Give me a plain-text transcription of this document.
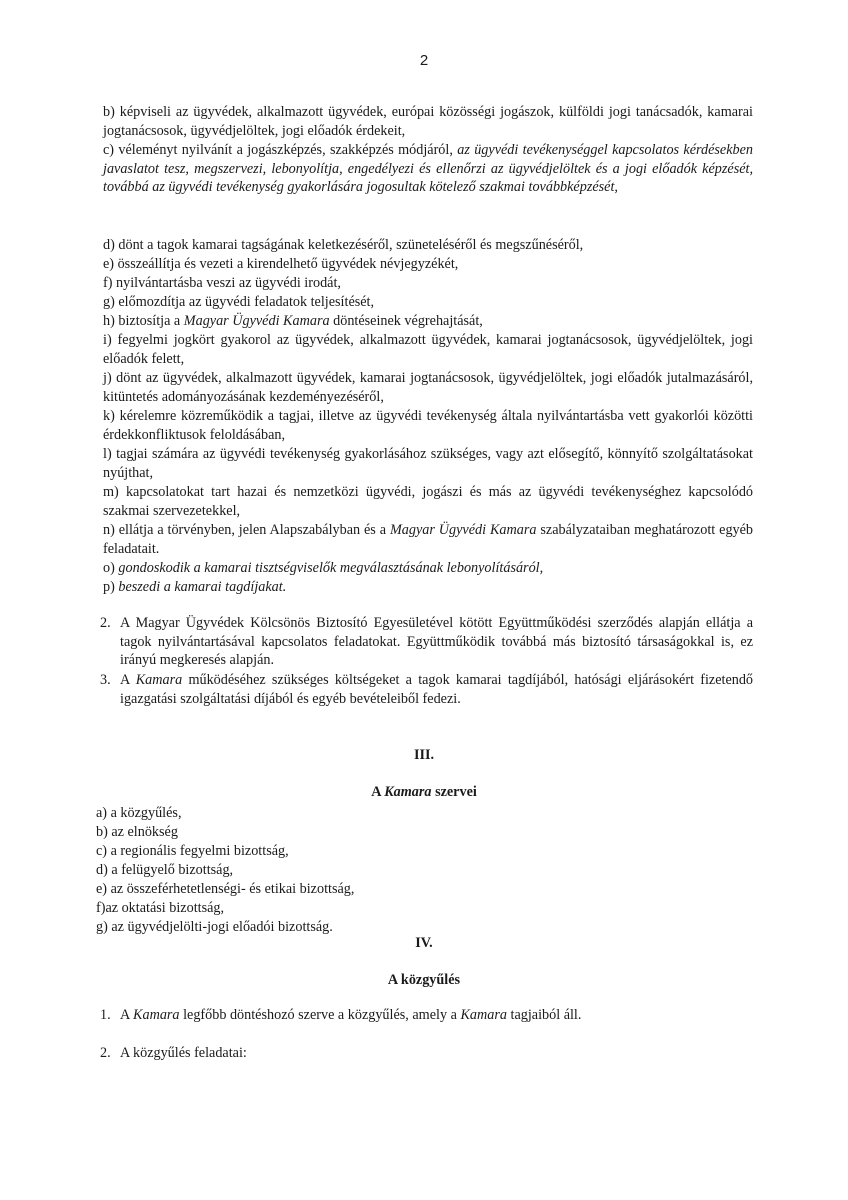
2
b) képviseli az ügyvédek, alkalmazott ügyvédek, európai közösségi jogászok, külföldi jogi tanácsadók, kamarai jogtanácsosok, ügyvédjelöltek, jogi előadók érdekeit,
c) véleményt nyilvánít a jogászképzés, szakképzés módjáról, az ügyvédi tevékenységgel kapcsolatos kérdésekben javaslatot tesz, megszervezi, lebonyolítja, engedélyezi és ellenőrzi az ügyvédjelöltek és a jogi előadók képzését, továbbá az ügyvédi tevékenység gyakorlására jogosultak kötelező szakmai továbbképzését,
d) dönt a tagok kamarai tagságának keletkezéséről, szüneteléséről és megszűnéséről,
e) összeállítja és vezeti a kirendelhető ügyvédek névjegyzékét,
f) nyilvántartásba veszi az ügyvédi irodát,
g) előmozdítja az ügyvédi feladatok teljesítését,
h) biztosítja a Magyar Ügyvédi Kamara döntéseinek végrehajtását,
i) fegyelmi jogkört gyakorol az ügyvédek, alkalmazott ügyvédek, kamarai jogtanácsosok, ügyvédjelöltek, jogi előadók felett,
j) dönt az ügyvédek, alkalmazott ügyvédek, kamarai jogtanácsosok, ügyvédjelöltek, jogi előadók jutalmazásáról, kitüntetés adományozásának kezdeményezéséről,
k) kérelemre közreműködik a tagjai, illetve az ügyvédi tevékenység általa nyilvántartásba vett gyakorlói közötti érdekkonfliktusok feloldásában,
l) tagjai számára az ügyvédi tevékenység gyakorlásához szükséges, vagy azt elősegítő, könnyítő szolgáltatásokat nyújthat,
m) kapcsolatokat tart hazai és nemzetközi ügyvédi, jogászi és más az ügyvédi tevékenységhez kapcsolódó szakmai szervezetekkel,
n) ellátja a törvényben, jelen Alapszabályban és a Magyar Ügyvédi Kamara szabályzataiban meghatározott egyéb feladatait.
o) gondoskodik a kamarai tisztségviselők megválasztásának lebonyolításáról,
p) beszedi a kamarai tagdíjakat.
2. A Magyar Ügyvédek Kölcsönös Biztosító Egyesületével kötött Együttműködési szerződés alapján ellátja a tagok nyilvántartásával kapcsolatos feladatokat. Együttműködik továbbá más biztosító társaságokkal is, ez irányú megkeresés alapján.
3. A Kamara működéséhez szükséges költségeket a tagok kamarai tagdíjából, hatósági eljárásokért fizetendő igazgatási szolgáltatási díjából és egyéb bevételeiből fedezi.
III.
A Kamara szervei
a) a közgyűlés,
b) az elnökség
c) a regionális fegyelmi bizottság,
d) a felügyelő bizottság,
e) az összeférhetetlenségi- és etikai bizottság,
f)az oktatási bizottság,
g) az ügyvédjelölti-jogi előadói bizottság.
IV.
A közgyűlés
1. A Kamara legfőbb döntéshozó szerve a közgyűlés, amely a Kamara tagjaiból áll.
2. A közgyűlés feladatai:
